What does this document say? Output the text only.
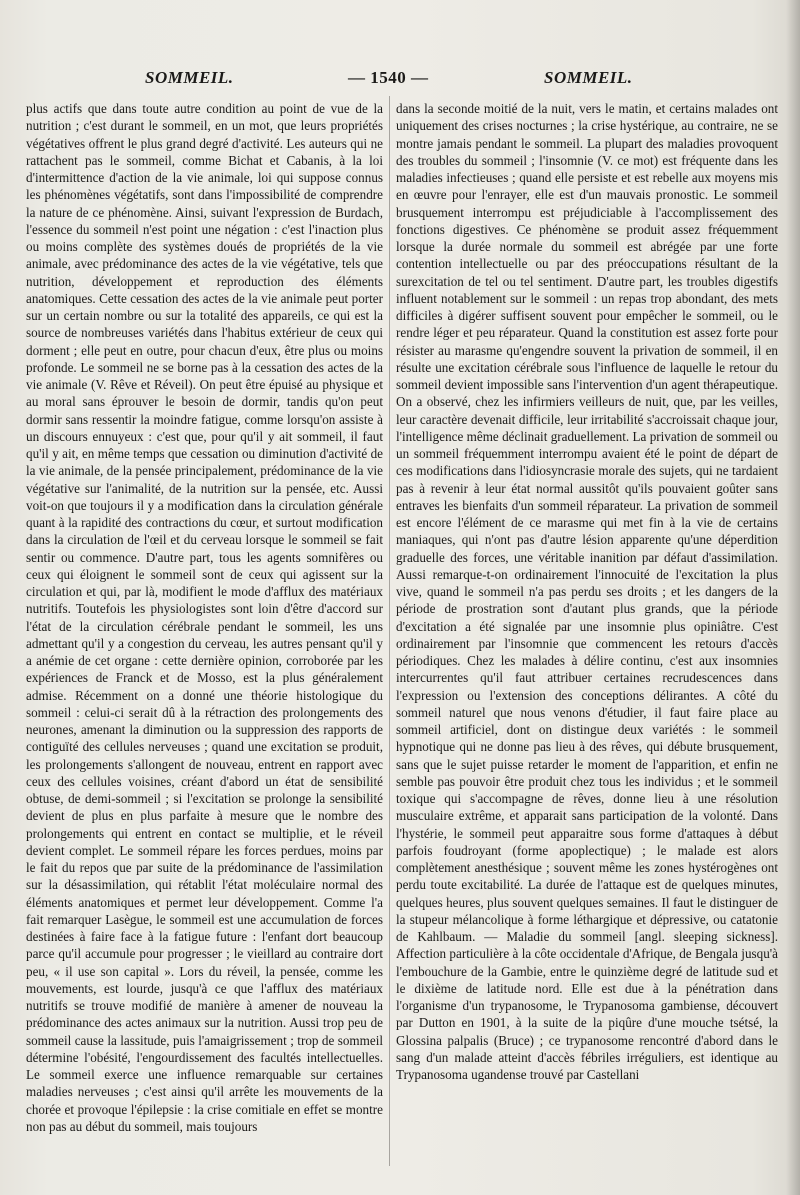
SOMMEIL.	— 1540 —	SOMMEIL.

plus actifs que dans toute autre condition au point de vue de la nutrition ; c'est durant le sommeil, en un mot, que leurs propriétés végétatives offrent le plus grand degré d'activité. Les auteurs qui ne rattachent pas le sommeil, comme Bichat et Cabanis, à la loi d'intermittence d'action de la vie animale, loi qui suppose connus les phénomènes végétatifs, sont dans l'impossibilité de comprendre la nature de ce phénomène. Ainsi, suivant l'expression de Burdach, l'essence du sommeil n'est point une négation : c'est l'inaction plus ou moins complète des systèmes doués de propriétés de la vie animale, avec prédominance des actes de la vie végétative, tels que nutrition, développement et reproduction des éléments anatomiques. Cette cessation des actes de la vie animale peut porter sur un certain nombre ou sur la totalité des appareils, ce qui est la source de nombreuses variétés dans l'habitus extérieur de ceux qui dorment ; elle peut en outre, pour chacun d'eux, être plus ou moins profonde. Le sommeil ne se borne pas à la cessation des actes de la vie animale (V. Rêve et Réveil). On peut être épuisé au physique et au moral sans éprouver le besoin de dormir, tandis qu'on peut dormir sans ressentir la moindre fatigue, comme lorsqu'on assiste à un discours ennuyeux : c'est que, pour qu'il y ait sommeil, il faut qu'il y ait, en même temps que cessation ou diminution d'activité de la vie animale, de la pensée principalement, prédominance de la vie végétative sur l'animalité, de la nutrition sur la pensée, etc. Aussi voit-on que toujours il y a modification dans la circulation générale quant à la rapidité des contractions du cœur, et surtout modification dans la circulation de l'œil et du cerveau lorsque le sommeil se fait sentir ou commence. D'autre part, tous les agents somnifères ou ceux qui éloignent le sommeil sont de ceux qui agissent sur la circulation et qui, par là, modifient le mode d'afflux des matériaux nutritifs. Toutefois les physiologistes sont loin d'être d'accord sur l'état de la circulation cérébrale pendant le sommeil, les uns admettant qu'il y a congestion du cerveau, les autres pensant qu'il y a anémie de cet organe : cette dernière opinion, corroborée par les expériences de Franck et de Mosso, est la plus généralement admise. Récemment on a donné une théorie histologique du sommeil : celui-ci serait dû à la rétraction des prolongements des neurones, amenant la diminution ou la suppression des rapports de contiguïté des cellules nerveuses ; quand une excitation se produit, les prolongements s'allongent de nouveau, entrent en rapport avec ceux des cellules voisines, créant d'abord un état de sensibilité obtuse, de demi-sommeil ; si l'excitation se prolonge la sensibilité devient de plus en plus parfaite à mesure que le nombre des prolongements qui entrent en contact se multiplie, et le réveil devient complet. Le sommeil répare les forces perdues, moins par le fait du repos que par suite de la prédominance de l'assimilation sur la désassimilation, qui rétablit l'état moléculaire normal des éléments anatomiques et permet leur développement. Comme l'a fait remarquer Lasègue, le sommeil est une accumulation de forces destinées à faire face à la fatigue future : l'enfant dort beaucoup parce qu'il accumule pour progresser ; le vieillard au contraire dort peu, « il use son capital ». Lors du réveil, la pensée, comme les mouvements, est lourde, jusqu'à ce que l'afflux des matériaux nutritifs se trouve modifié de manière à amener de nouveau la prédominance des actes animaux sur la nutrition. Aussi trop peu de sommeil cause la lassitude, puis l'amaigrissement ; trop de sommeil détermine l'obésité, l'engourdissement des facultés intellectuelles. Le sommeil exerce une influence remarquable sur certaines maladies nerveuses ; c'est ainsi qu'il arrête les mouvements de la chorée et provoque l'épilepsie : la crise comitiale en effet se montre non pas au début du sommeil, mais toujours

dans la seconde moitié de la nuit, vers le matin, et certains malades ont uniquement des crises nocturnes ; la crise hystérique, au contraire, ne se montre jamais pendant le sommeil. La plupart des maladies provoquent des troubles du sommeil ; l'insomnie (V. ce mot) est fréquente dans les maladies infectieuses ; quand elle persiste et est rebelle aux moyens mis en œuvre pour l'enrayer, elle est d'un mauvais pronostic. Le sommeil brusquement interrompu est préjudiciable à l'accomplissement des fonctions digestives. Ce phénomène se produit assez fréquemment lorsque la durée normale du sommeil est abrégée par une forte contention intellectuelle ou par des préoccupations résultant de la surexcitation de tel ou tel sentiment. D'autre part, les troubles digestifs influent notablement sur le sommeil : un repas trop abondant, des mets difficiles à digérer suffisent souvent pour empêcher le sommeil, ou le rendre léger et peu réparateur. Quand la constitution est assez forte pour résister au marasme qu'engendre souvent la privation de sommeil, il en résulte une excitation cérébrale sous l'influence de laquelle le retour du sommeil devient impossible sans l'intervention d'un agent thérapeutique. On a observé, chez les infirmiers veilleurs de nuit, que, par les veilles, leur caractère devenait difficile, leur irritabilité s'accroissait chaque jour, l'intelligence même déclinait graduellement. La privation de sommeil ou un sommeil fréquemment interrompu avaient été le point de départ de ces modifications dans l'idiosyncrasie morale des sujets, qui ne tardaient pas à revenir à leur état normal aussitôt qu'ils pouvaient goûter sans entraves les bienfaits d'un sommeil réparateur. La privation de sommeil est encore l'élément de ce marasme qui met fin à la vie de certains maniaques, qui n'ont pas d'autre lésion apparente qu'une déperdition graduelle des forces, une véritable inanition par défaut d'assimilation. Aussi remarque-t-on ordinairement l'innocuité de l'excitation la plus vive, quand le sommeil n'a pas perdu ses droits ; et les dangers de la période de prostration sont d'autant plus grands, que la période d'excitation a été signalée par une insomnie plus opiniâtre. C'est ordinairement par l'insomnie que commencent les retours d'accès périodiques. Chez les malades à délire continu, c'est aux insomnies intercurrentes qu'il faut attribuer certaines recrudescences dans l'expression ou l'extension des conceptions délirantes. A côté du sommeil naturel que nous venons d'étudier, il faut faire place au sommeil artificiel, dont on distingue deux variétés : le sommeil hypnotique qui ne donne pas lieu à des rêves, qui débute brusquement, sans que le sujet puisse retarder le moment de l'apparition, et enfin ne semble pas pouvoir être produit chez tous les individus ; et le sommeil toxique qui s'accompagne de rêves, donne lieu à une résolution musculaire extrême, et apparait sans participation de la volonté. Dans l'hystérie, le sommeil peut apparaitre sous forme d'attaques à début parfois foudroyant (forme apoplectique) ; le malade est alors complètement anesthésique ; souvent même les zones hystérogènes ont perdu toute excitabilité. La durée de l'attaque est de quelques minutes, quelques heures, plus souvent quelques semaines. Il faut le distinguer de la stupeur mélancolique à forme léthargique et dépressive, ou catatonie de Kahlbaum. — Maladie du sommeil [angl. sleeping sickness]. Affection particulière à la côte occidentale d'Afrique, de Bengala jusqu'à l'embouchure de la Gambie, entre le quinzième degré de latitude sud et le dixième de latitude nord. Elle est due à la pénétration dans l'organisme d'un trypanosome, le Trypanosoma gambiense, découvert par Dutton en 1901, à la suite de la piqûre d'une mouche tsétsé, la Glossina palpalis (Bruce) ; ce trypanosome rencontré d'abord dans le sang d'un malade atteint d'accès fébriles irréguliers, est identique au Trypanosoma ugandense trouvé par Castellani
